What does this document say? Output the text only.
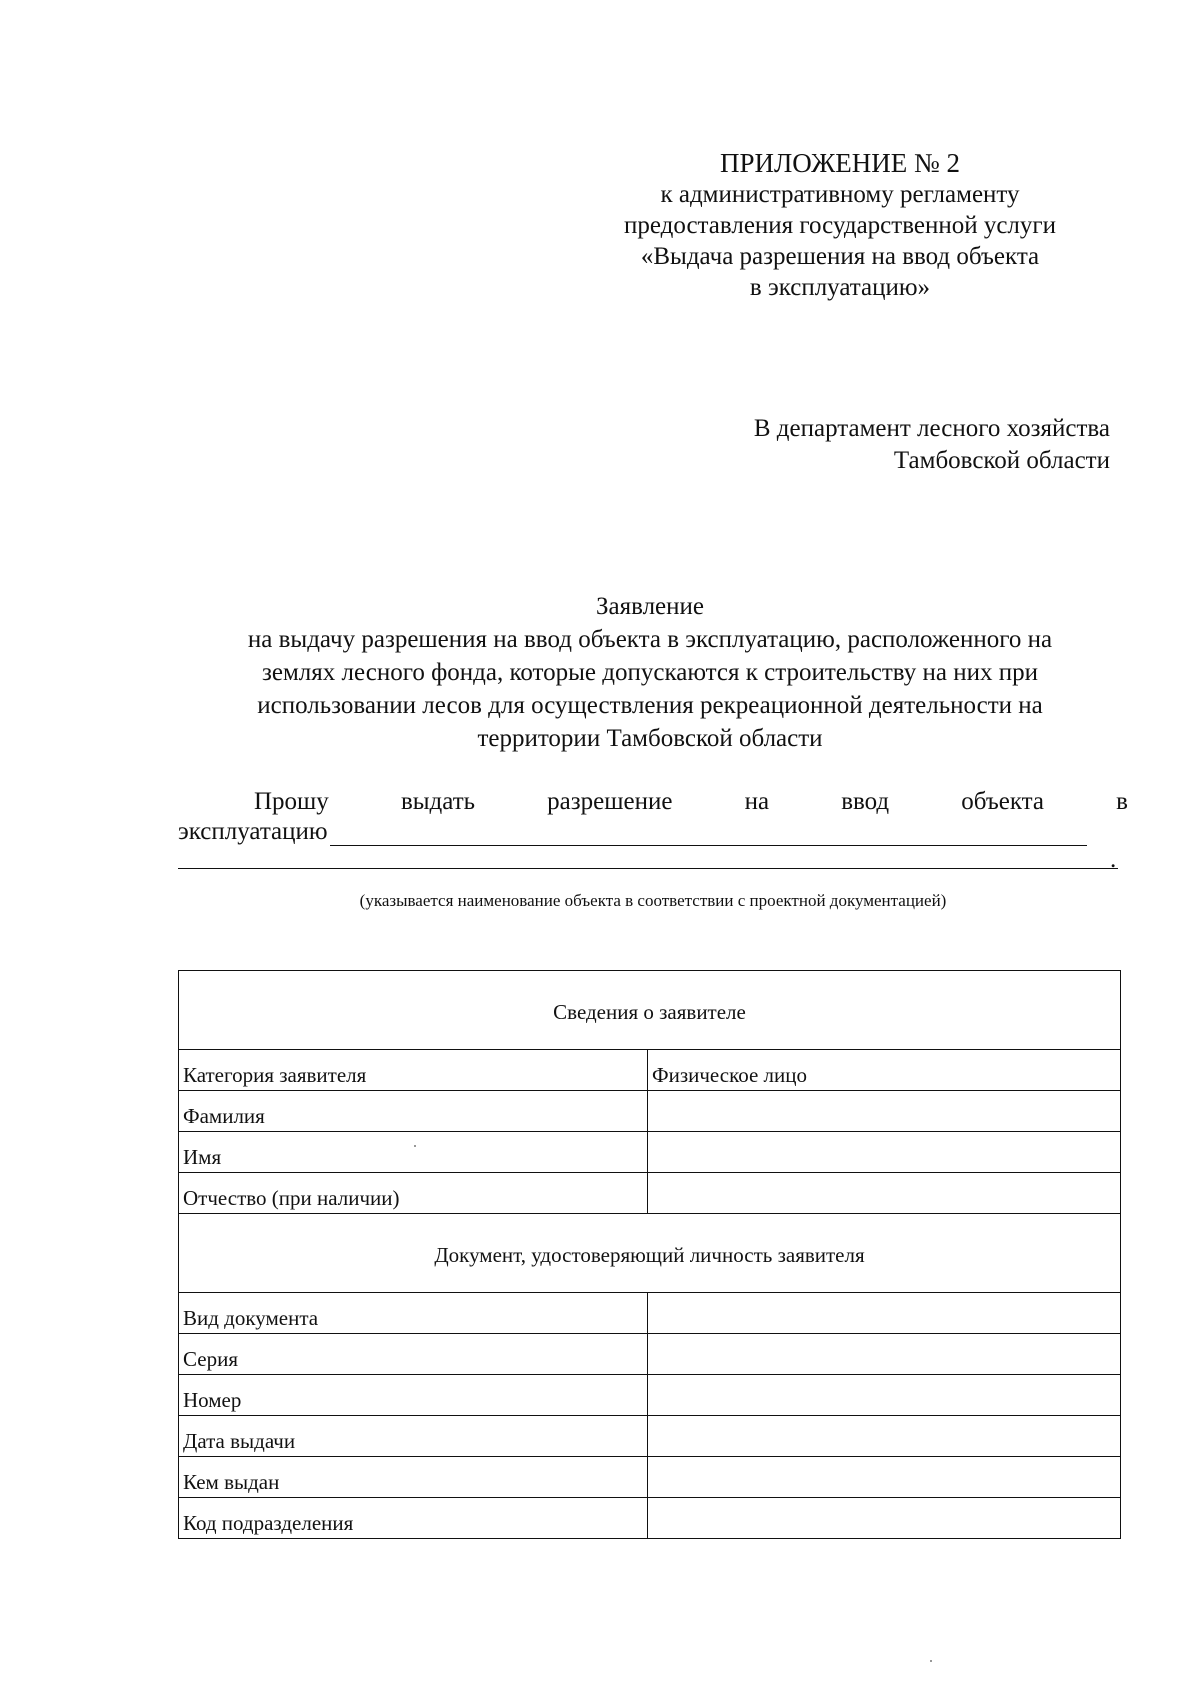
ПРИЛОЖЕНИЕ № 2
к административному регламенту
предоставления государственной услуги
«Выдача разрешения на ввод объекта
в эксплуатацию»
В департамент лесного хозяйства
Тамбовской области
Заявление
на выдачу разрешения на ввод объекта в эксплуатацию, расположенного на
землях лесного фонда, которые допускаются к строительству на них при
использовании лесов для осуществления рекреационной деятельности на
территории Тамбовской области
Прошу	выдать	разрешение	на	ввод	объекта	в
эксплуатацию
.
(указывается наименование объекта в соответствии с проектной документацией)
Сведения о заявителе	
Категория заявителя	Физическое лицо
Фамилия	
Имя	
Отчество (при наличии)	
Документ, удостоверяющий личность заявителя	
Вид документа	
Серия	
Номер	
Дата выдачи	
Кем выдан	
Код подразделения	
